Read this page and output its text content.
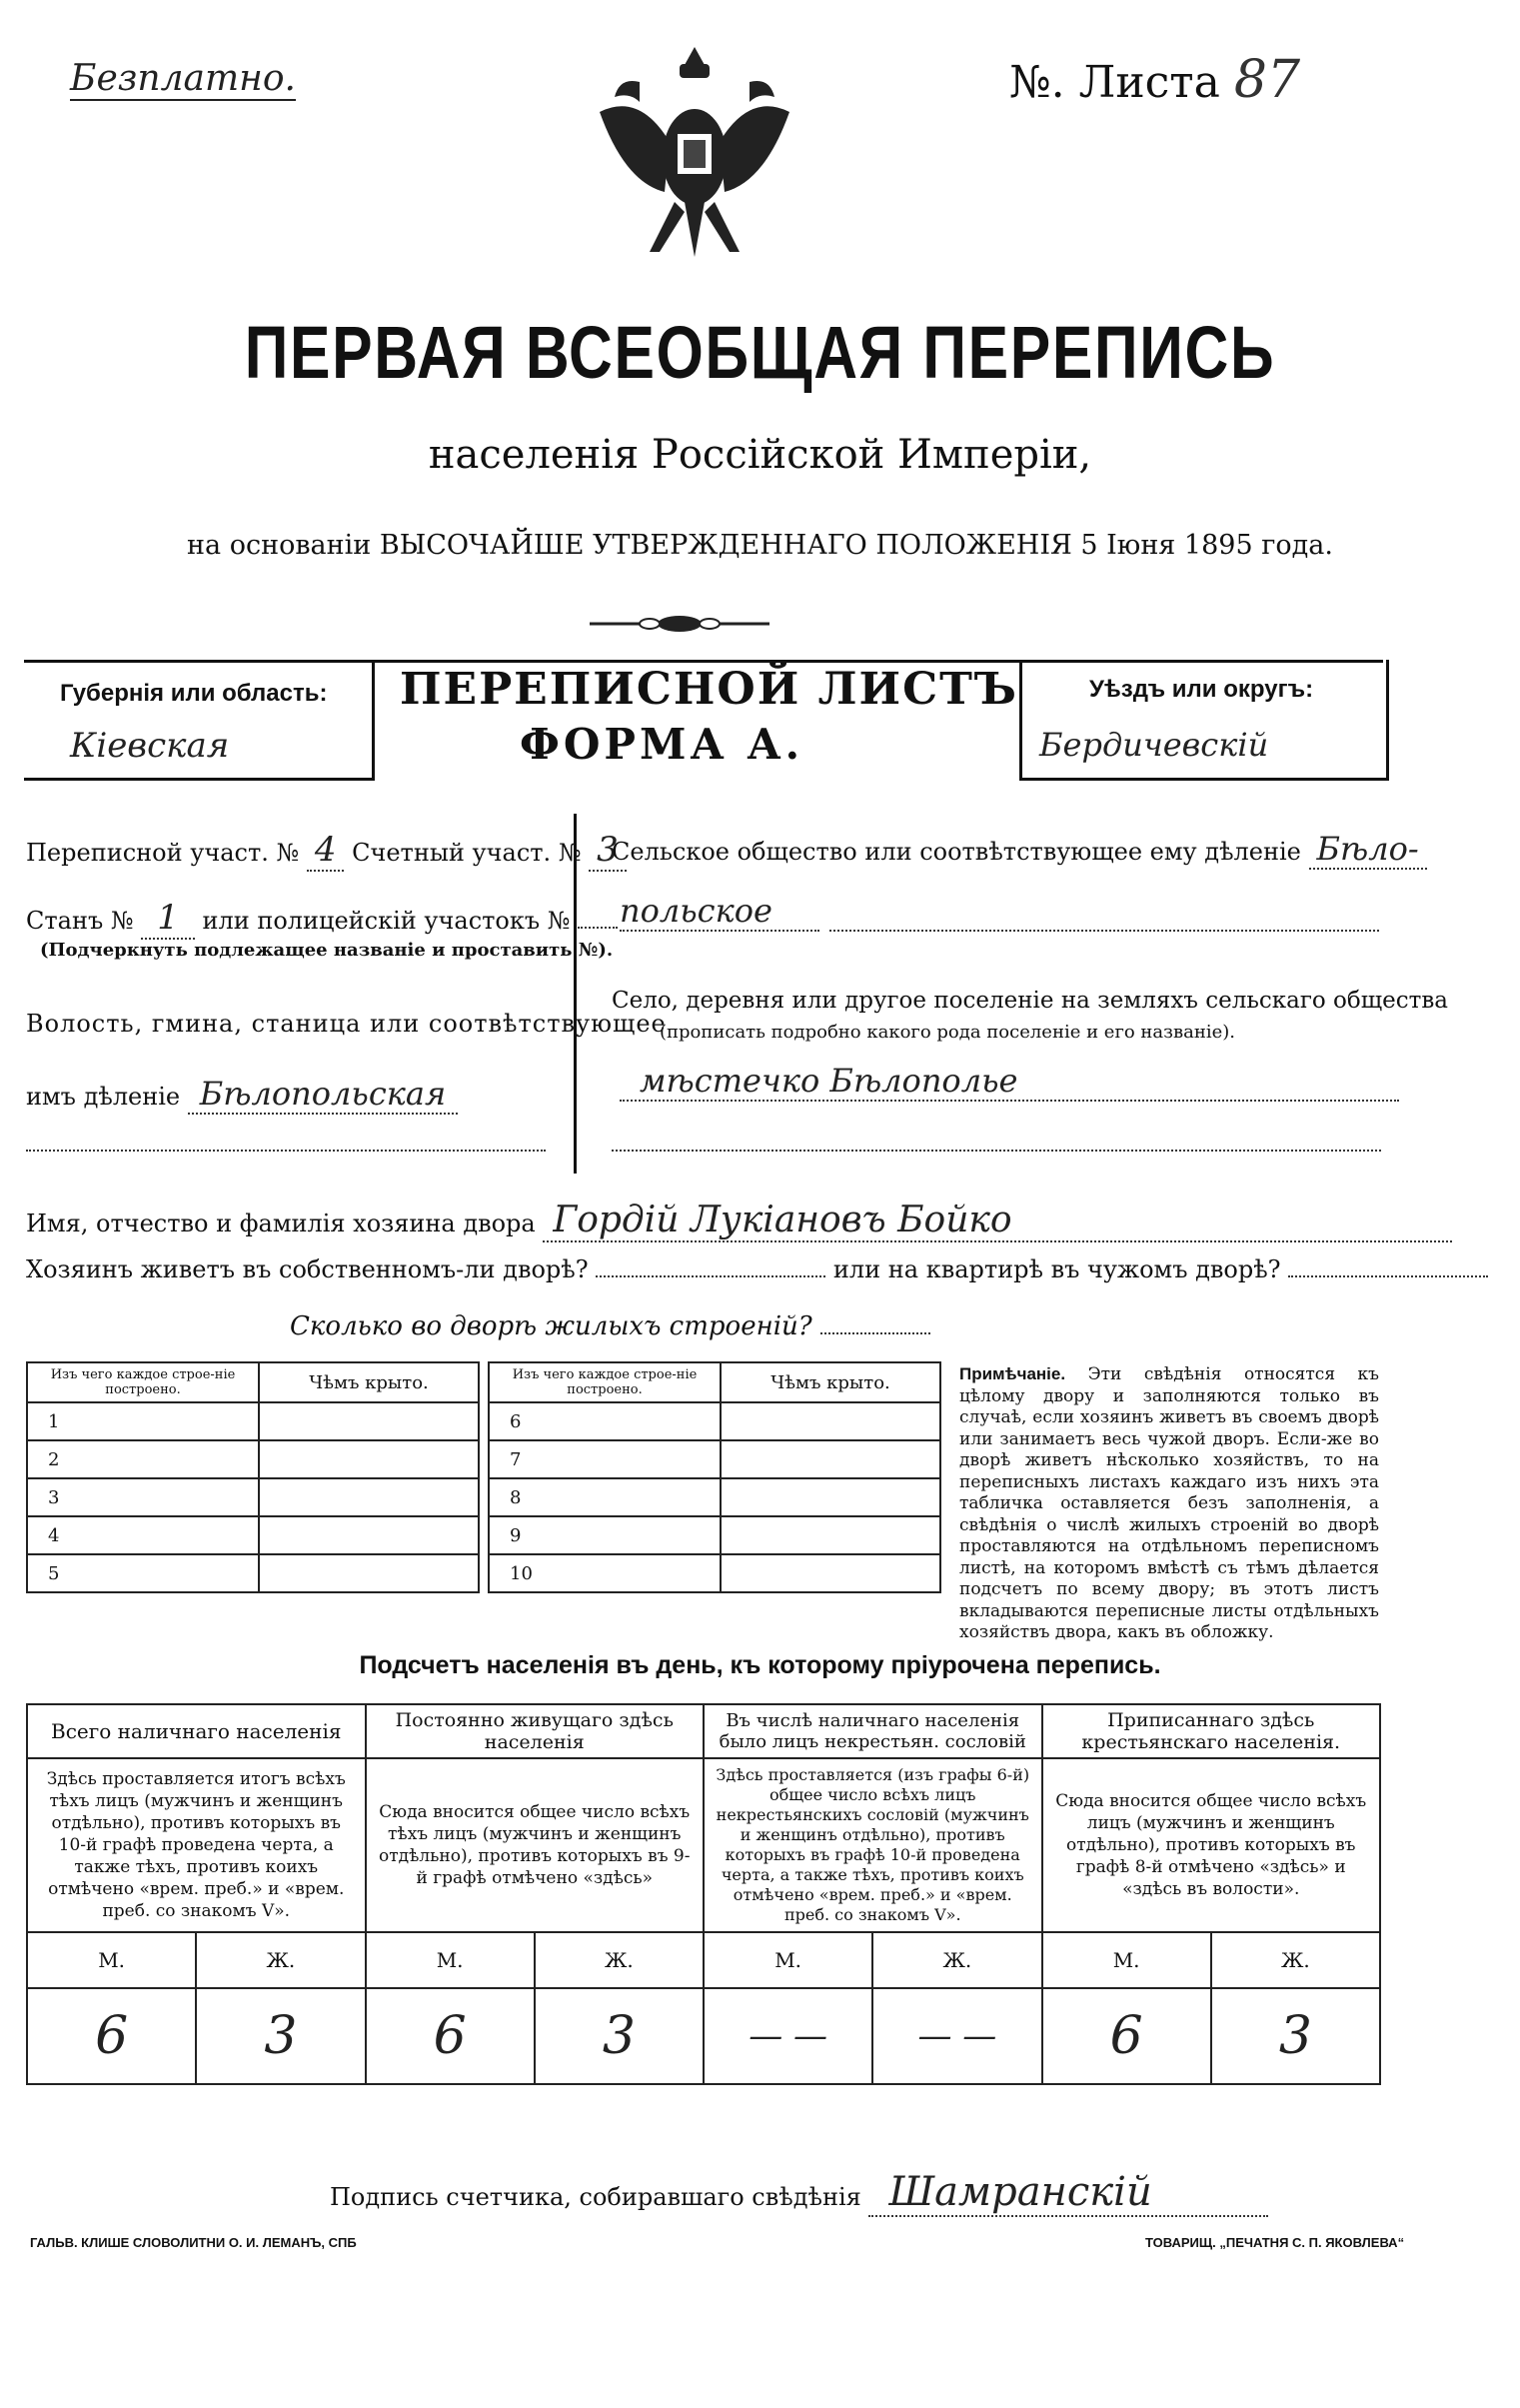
Безплатно.	№. Листа 87
ПЕРВАЯ ВСЕОБЩАЯ ПЕРЕПИСЬ
населенія Россійской Имперіи,
на основаніи ВЫСОЧАЙШЕ УТВЕРЖДЕННАГО ПОЛОЖЕНІЯ 5 Іюня 1895 года.
Губернія или область:
Кіевская
ПЕРЕПИСНОЙ ЛИСТЪ
ФОРМА А.
Уѣздъ или округъ:
Бердичевскій
Переписной участ. № 4 Счетный участ. № 3
Станъ № 1 или полицейскій участокъ №
(Подчеркнуть подлежащее названіе и проставить №).
Волость, гмина, станица или соотвѣтствующее
имъ дѣленіе Бѣлопольская
Сельское общество или соотвѣтствующее ему дѣленіе Бѣло-
польское
Село, деревня или другое поселеніе на земляхъ сельскаго общества
(прописать подробно какого рода поселеніе и его названіе).
мѣстечко Бѣлополье
Имя, отчество и фамилія хозяина двора Гордій Лукіановъ Бойко
Хозяинъ живетъ въ собственномъ-ли дворѣ?	или на квартирѣ въ чужомъ дворѣ?
Сколько во дворѣ жилыхъ строеній?
Изъ чего каждое строе-ніе построено.	Чѣмъ крыто.
1	
2	
3	
4	
5	
Изъ чего каждое строе-ніе построено.	Чѣмъ крыто.
6	
7	
8	
9	
10	
Примѣчаніе. Эти свѣдѣнія относятся къ цѣлому двору и заполняются только въ случаѣ, если хозяинъ живетъ въ своемъ дворѣ или занимаетъ весь чужой дворъ. Если-же во дворѣ живетъ нѣсколько хозяйствъ, то на переписныхъ листахъ каждаго изъ нихъ эта табличка оставляется безъ заполненія, а свѣдѣнія о числѣ жилыхъ строеній во дворѣ проставляются на отдѣльномъ переписномъ листѣ, на которомъ вмѣстѣ съ тѣмъ дѣлается подсчетъ по всему двору; въ этотъ листъ вкладываются переписные листы отдѣльныхъ хозяйствъ двора, какъ въ обложку.
Подсчетъ населенія въ день, къ которому пріурочена перепись.
Всего наличнаго населенія		Постоянно живущаго здѣсь населенія		Въ числѣ наличнаго населенія было лицъ некрестьян. сословій		Приписаннаго здѣсь крестьянскаго населенія.	
Здѣсь проставляется итогъ всѣхъ тѣхъ лицъ (мужчинъ и женщинъ отдѣльно), противъ которыхъ въ 10-й графѣ проведена черта, а также тѣхъ, противъ коихъ отмѣчено «врем. преб.» и «врем. преб. со знакомъ V».		Сюда вносится общее число всѣхъ тѣхъ лицъ (мужчинъ и женщинъ отдѣльно), противъ которыхъ въ 9-й графѣ отмѣчено «здѣсь»		Здѣсь проставляется (изъ графы 6-й) общее число всѣхъ лицъ некрестьянскихъ сословій (мужчинъ и женщинъ отдѣльно), противъ которыхъ въ графѣ 10-й проведена черта, а также тѣхъ, противъ коихъ отмѣчено «врем. преб.» и «врем. преб. со знакомъ V».		Сюда вносится общее число всѣхъ лицъ (мужчинъ и женщинъ отдѣльно), противъ которыхъ въ графѣ 8-й отмѣчено «здѣсь» и «здѣсь въ волости».	
М.	Ж.	М.	Ж.	М.	Ж.	М.	Ж.
6	3	6	3	— —	— —	6	3
Подпись счетчика, собиравшаго свѣдѣнія Шамранскій
ГАЛЬВ. КЛИШЕ СЛОВОЛИТНИ О. И. ЛЕМАНЪ, СПБ	ТОВАРИЩ. „ПЕЧАТНЯ С. П. ЯКОВЛЕВА“
